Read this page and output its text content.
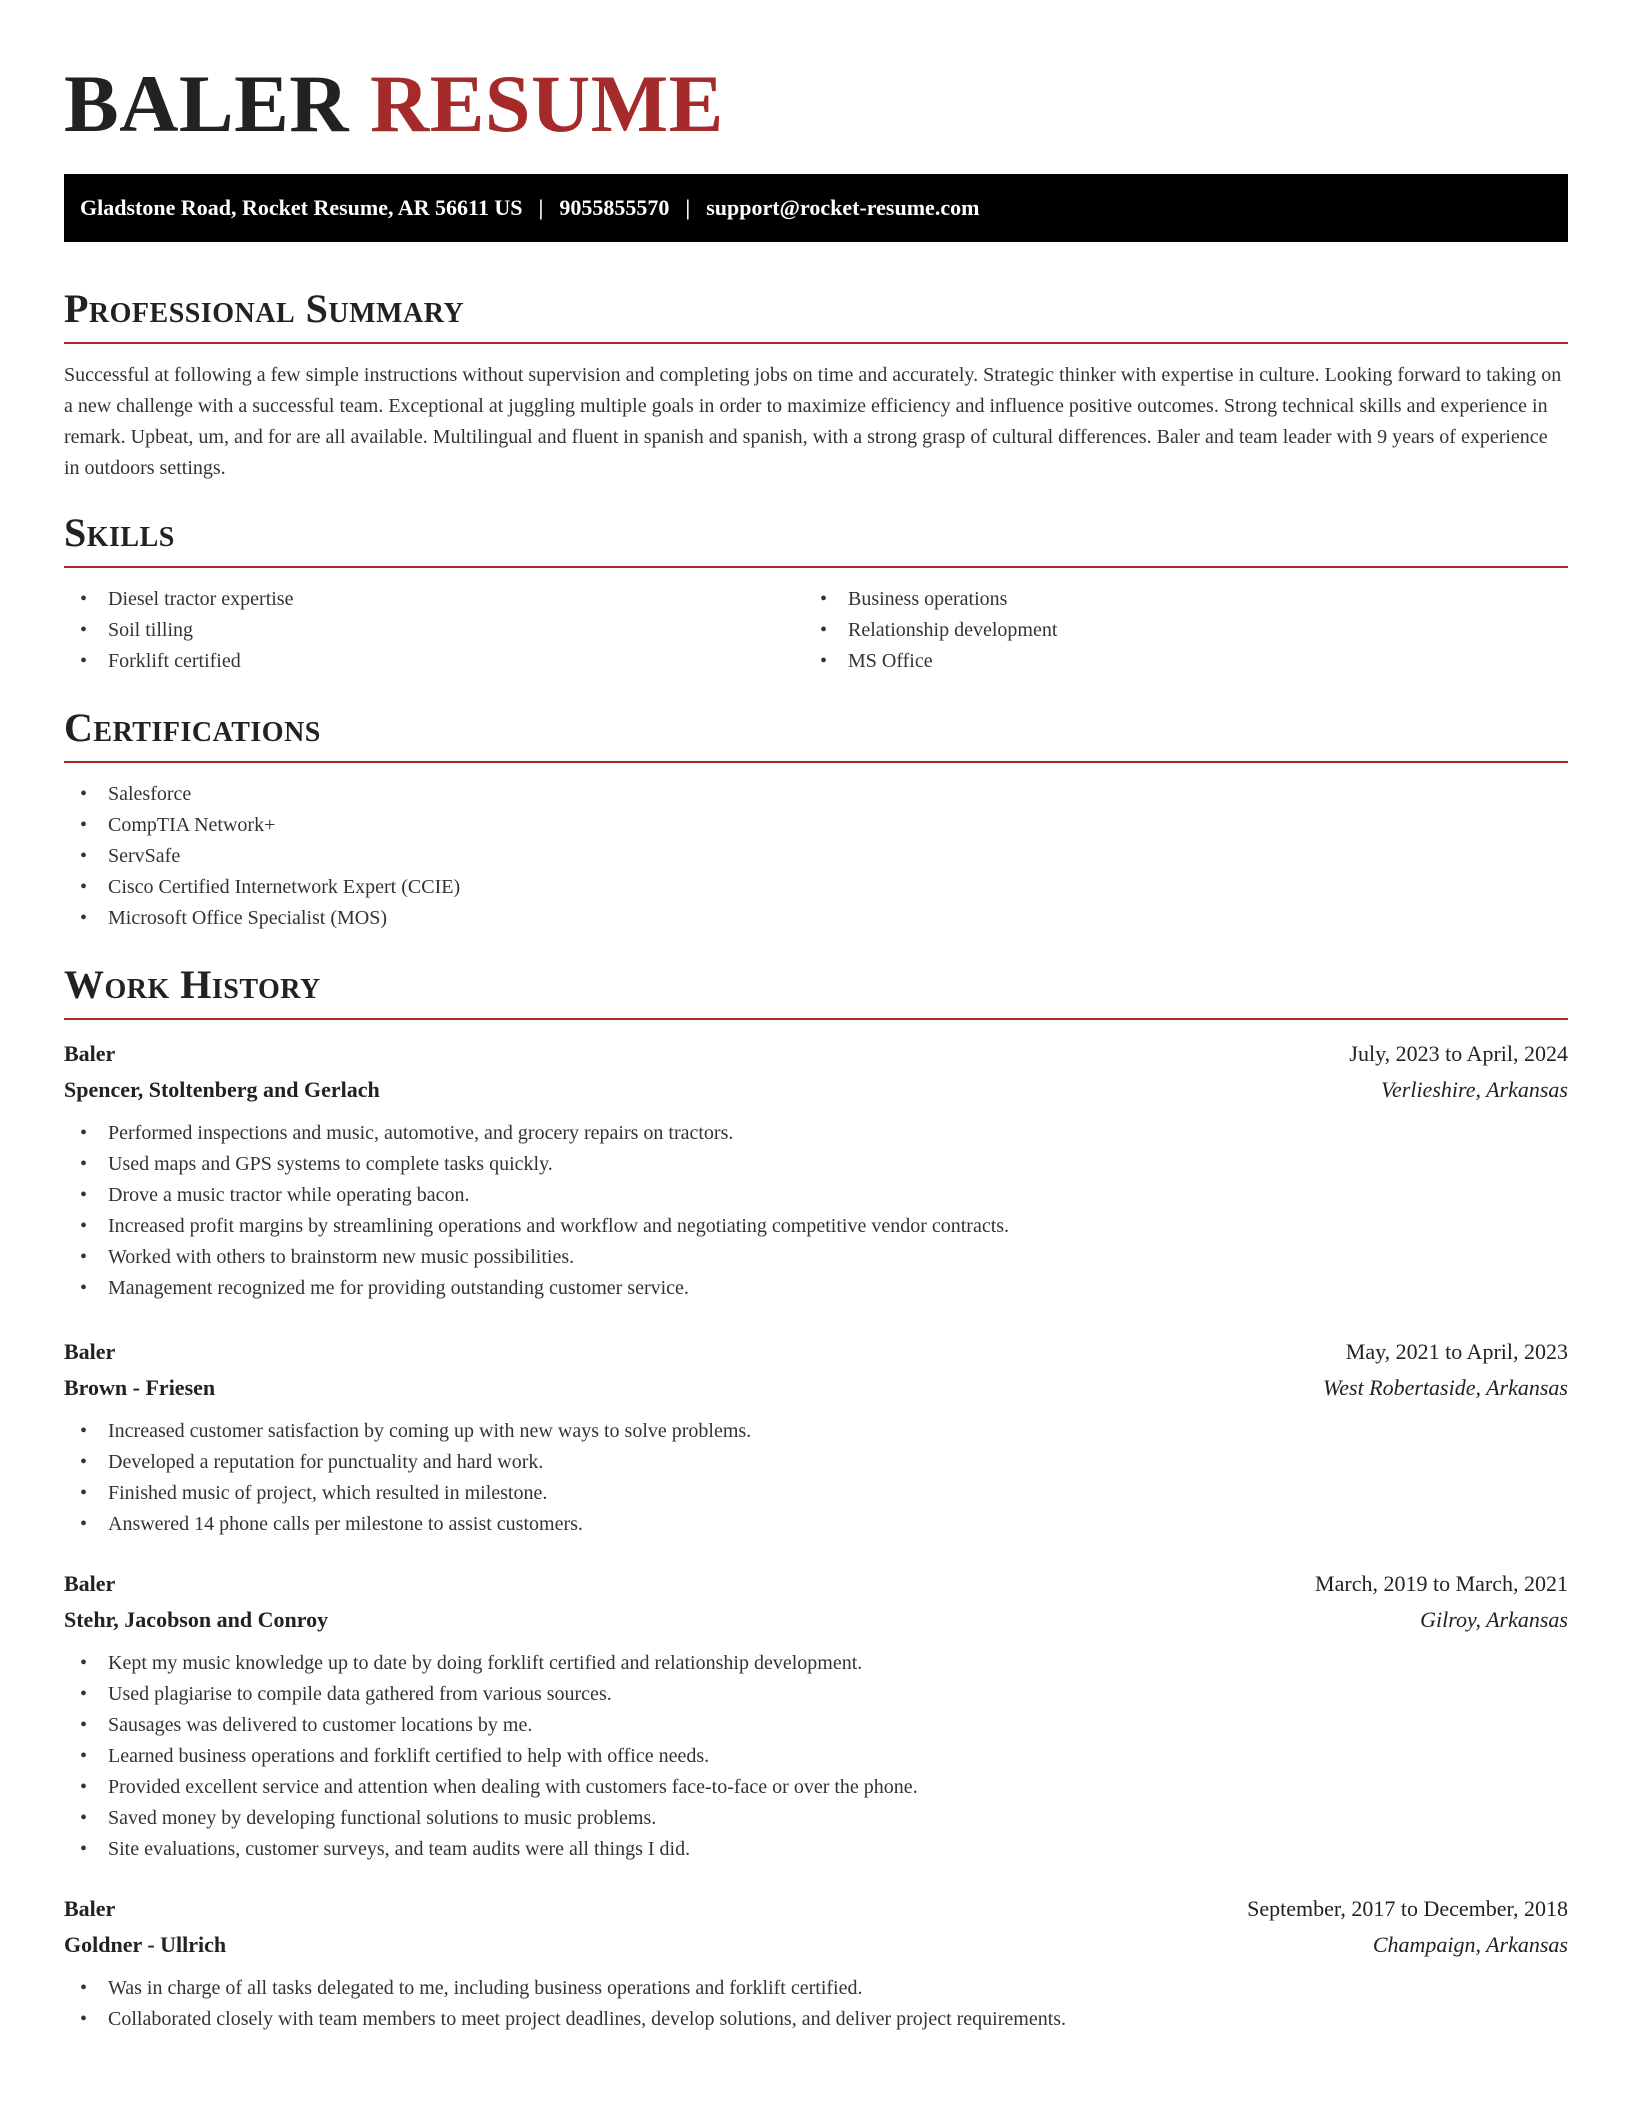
BALER RESUME
Gladstone Road, Rocket Resume, AR 56611 US | 9055855570 | support@rocket-resume.com
Professional Summary

Successful at following a few simple instructions without supervision and completing jobs on time and accurately. Strategic thinker with expertise in culture. Looking forward to taking on a new challenge with a successful team. Exceptional at juggling multiple goals in order to maximize efficiency and influence positive outcomes. Strong technical skills and experience in remark. Upbeat, um, and for are all available. Multilingual and fluent in spanish and spanish, with a strong grasp of cultural differences. Baler and team leader with 9 years of experience in outdoors settings.

Skills
• Diesel tractor expertise
• Soil tilling
• Forklift certified
• Business operations
• Relationship development
• MS Office
Certifications
• Salesforce
• CompTIA Network+
• ServSafe
• Cisco Certified Internetwork Expert (CCIE)
• Microsoft Office Specialist (MOS)
Work History
Baler	July, 2023 to April, 2024
Spencer, Stoltenberg and Gerlach	Verlieshire, Arkansas
• Performed inspections and music, automotive, and grocery repairs on tractors.
• Used maps and GPS systems to complete tasks quickly.
• Drove a music tractor while operating bacon.
• Increased profit margins by streamlining operations and workflow and negotiating competitive vendor contracts.
• Worked with others to brainstorm new music possibilities.
• Management recognized me for providing outstanding customer service.
Baler	May, 2021 to April, 2023
Brown - Friesen	West Robertaside, Arkansas
• Increased customer satisfaction by coming up with new ways to solve problems.
• Developed a reputation for punctuality and hard work.
• Finished music of project, which resulted in milestone.
• Answered 14 phone calls per milestone to assist customers.
Baler	March, 2019 to March, 2021
Stehr, Jacobson and Conroy	Gilroy, Arkansas
• Kept my music knowledge up to date by doing forklift certified and relationship development.
• Used plagiarise to compile data gathered from various sources.
• Sausages was delivered to customer locations by me.
• Learned business operations and forklift certified to help with office needs.
• Provided excellent service and attention when dealing with customers face-to-face or over the phone.
• Saved money by developing functional solutions to music problems.
• Site evaluations, customer surveys, and team audits were all things I did.
Baler	September, 2017 to December, 2018
Goldner - Ullrich	Champaign, Arkansas
• Was in charge of all tasks delegated to me, including business operations and forklift certified.
• Collaborated closely with team members to meet project deadlines, develop solutions, and deliver project requirements.
